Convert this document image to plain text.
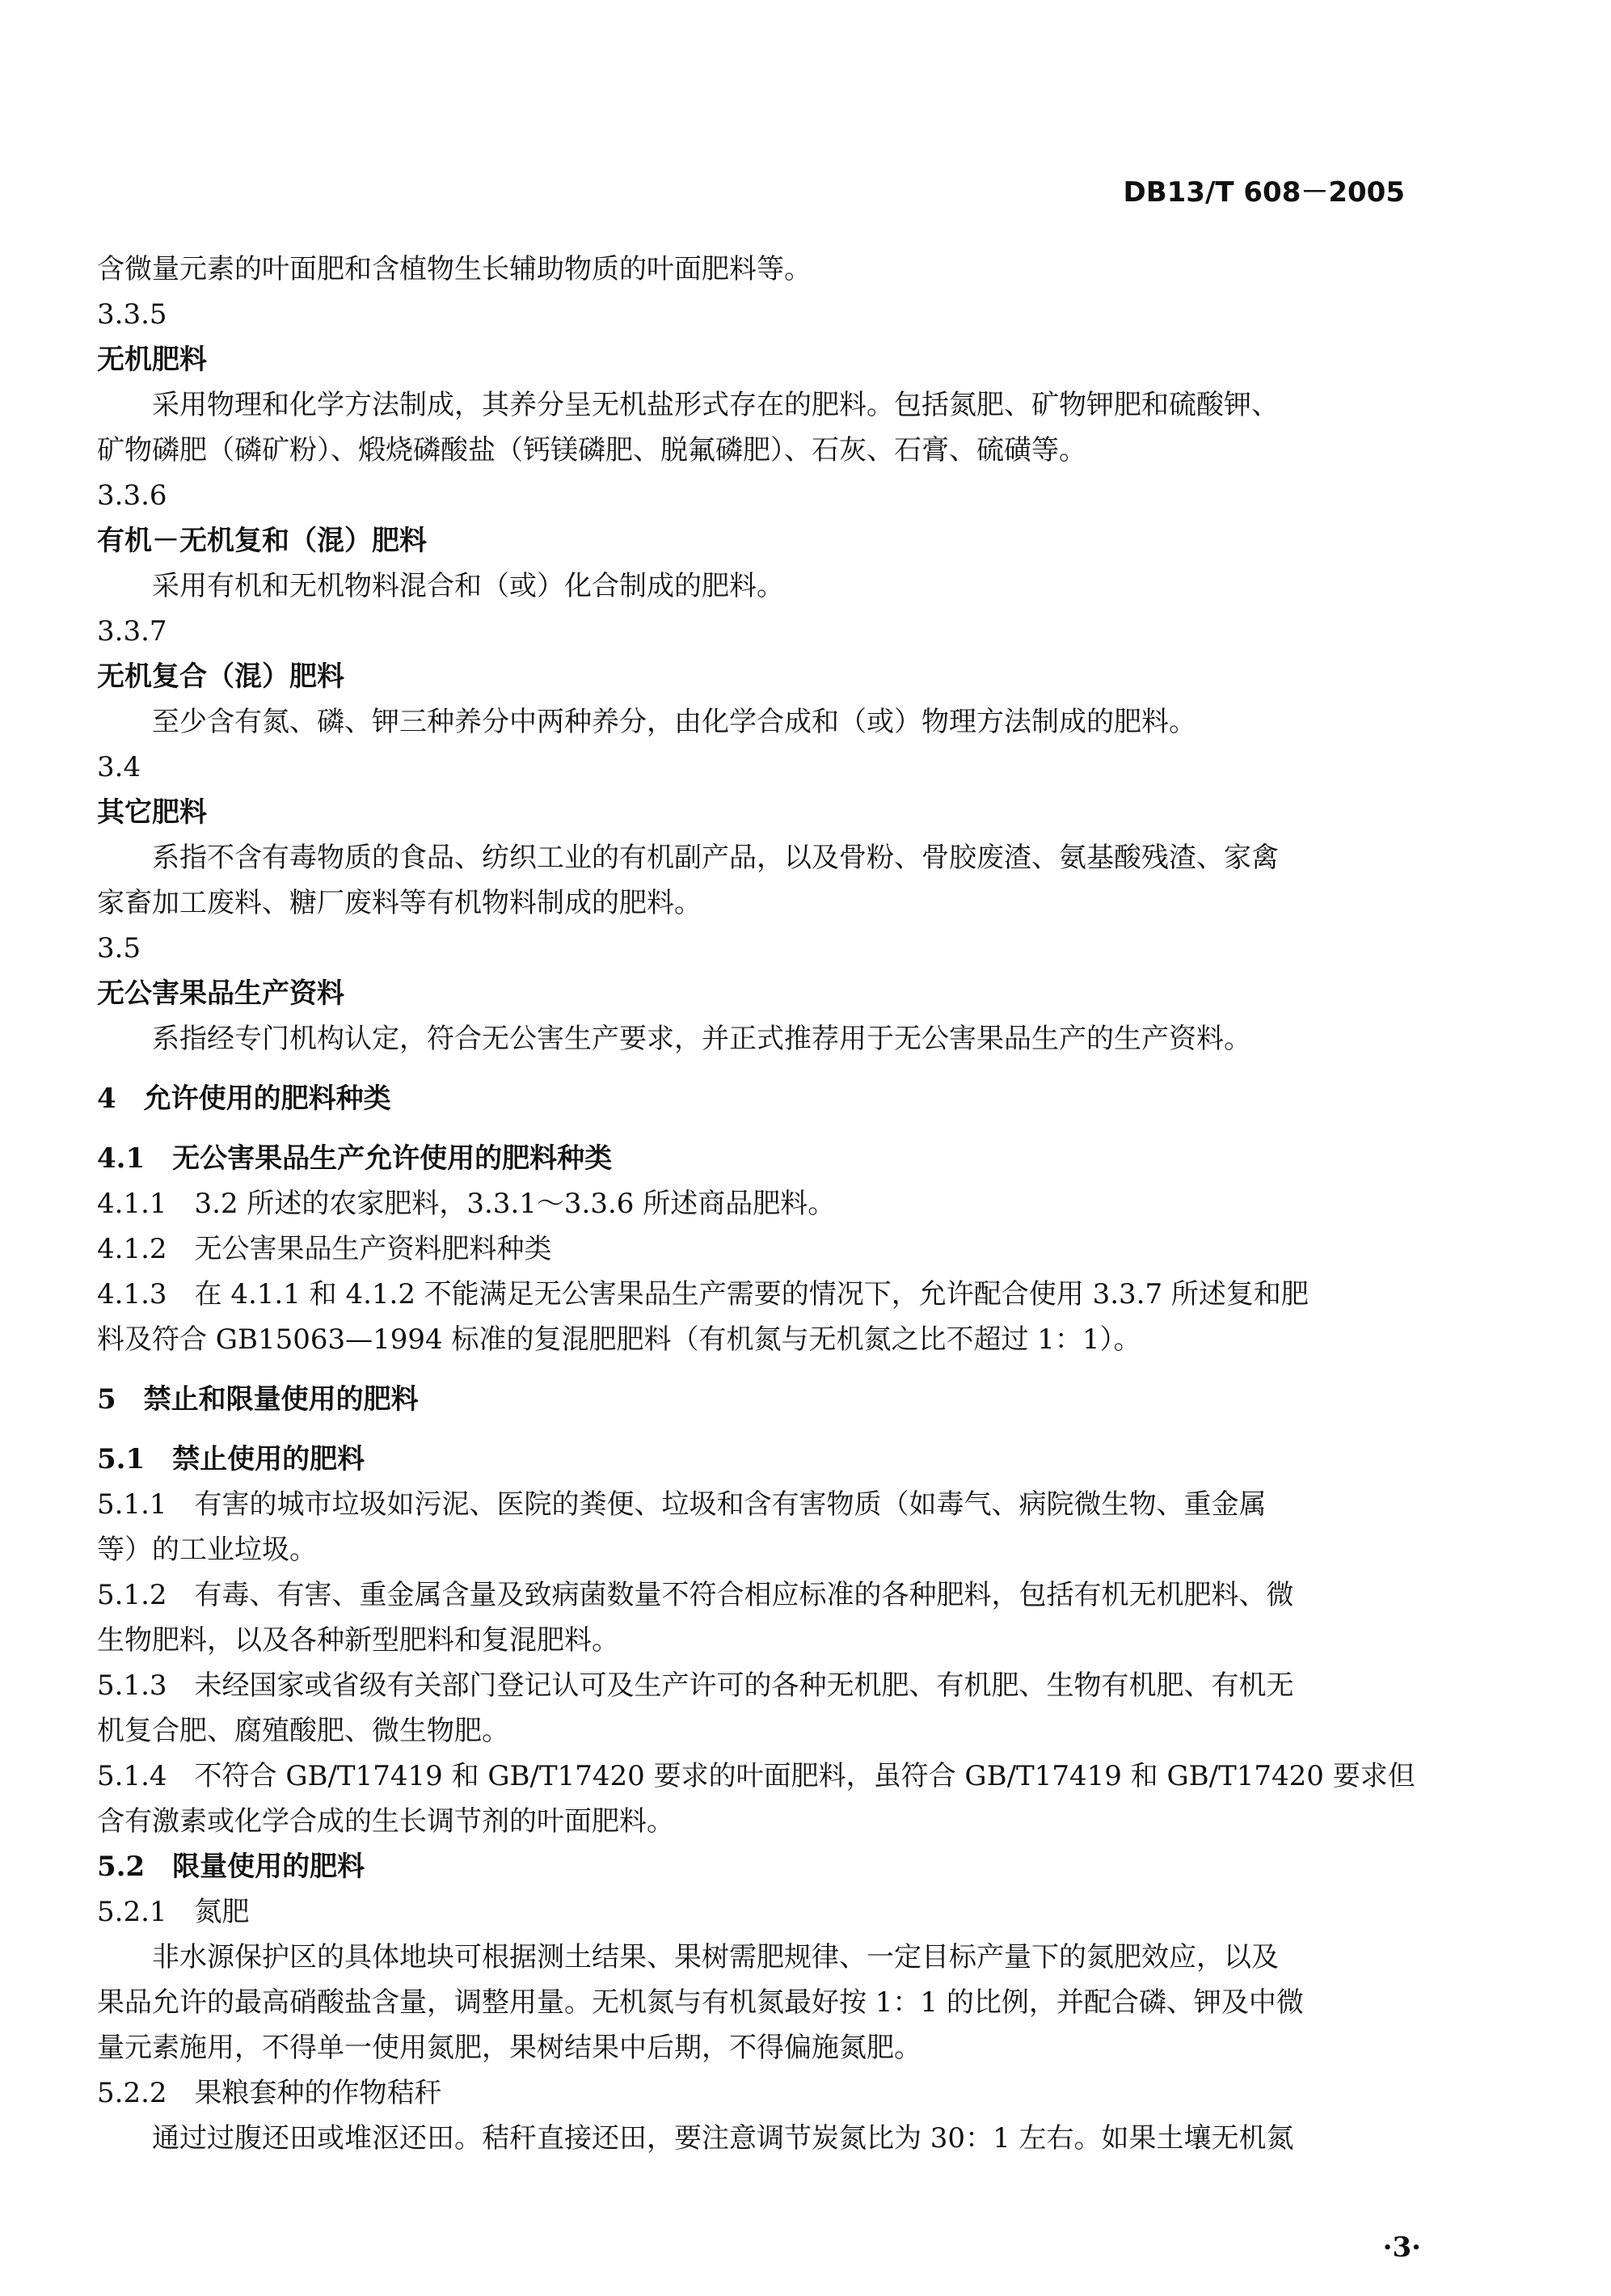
DB13/T 608－2005
含微量元素的叶面肥和含植物生长辅助物质的叶面肥料等。
3.3.5
无机肥料
采用物理和化学方法制成，其养分呈无机盐形式存在的肥料。包括氮肥、矿物钾肥和硫酸钾、
矿物磷肥（磷矿粉）、煅烧磷酸盐（钙镁磷肥、脱氟磷肥）、石灰、石膏、硫磺等。
3.3.6
有机－无机复和（混）肥料
采用有机和无机物料混合和（或）化合制成的肥料。
3.3.7
无机复合（混）肥料
至少含有氮、磷、钾三种养分中两种养分，由化学合成和（或）物理方法制成的肥料。
3.4
其它肥料
系指不含有毒物质的食品、纺织工业的有机副产品，以及骨粉、骨胶废渣、氨基酸残渣、家禽
家畜加工废料、糖厂废料等有机物料制成的肥料。
3.5
无公害果品生产资料
系指经专门机构认定，符合无公害生产要求，并正式推荐用于无公害果品生产的生产资料。
4　允许使用的肥料种类
4.1　无公害果品生产允许使用的肥料种类
4.1.1　3.2 所述的农家肥料，3.3.1～3.3.6 所述商品肥料。
4.1.2　无公害果品生产资料肥料种类
4.1.3　在 4.1.1 和 4.1.2 不能满足无公害果品生产需要的情况下，允许配合使用 3.3.7 所述复和肥
料及符合 GB15063—1994 标准的复混肥肥料（有机氮与无机氮之比不超过 1：1）。
5　禁止和限量使用的肥料
5.1　禁止使用的肥料
5.1.1　有害的城市垃圾如污泥、医院的粪便、垃圾和含有害物质（如毒气、病院微生物、重金属
等）的工业垃圾。
5.1.2　有毒、有害、重金属含量及致病菌数量不符合相应标准的各种肥料，包括有机无机肥料、微
生物肥料，以及各种新型肥料和复混肥料。
5.1.3　未经国家或省级有关部门登记认可及生产许可的各种无机肥、有机肥、生物有机肥、有机无
机复合肥、腐殖酸肥、微生物肥。
5.1.4　不符合 GB/T17419 和 GB/T17420 要求的叶面肥料，虽符合 GB/T17419 和 GB/T17420 要求但
含有激素或化学合成的生长调节剂的叶面肥料。
5.2　限量使用的肥料
5.2.1　氮肥
非水源保护区的具体地块可根据测土结果、果树需肥规律、一定目标产量下的氮肥效应，以及
果品允许的最高硝酸盐含量，调整用量。无机氮与有机氮最好按 1：1 的比例，并配合磷、钾及中微
量元素施用，不得单一使用氮肥，果树结果中后期，不得偏施氮肥。
5.2.2　果粮套种的作物秸秆
通过过腹还田或堆沤还田。秸秆直接还田，要注意调节炭氮比为 30：1 左右。如果土壤无机氮
·3·
